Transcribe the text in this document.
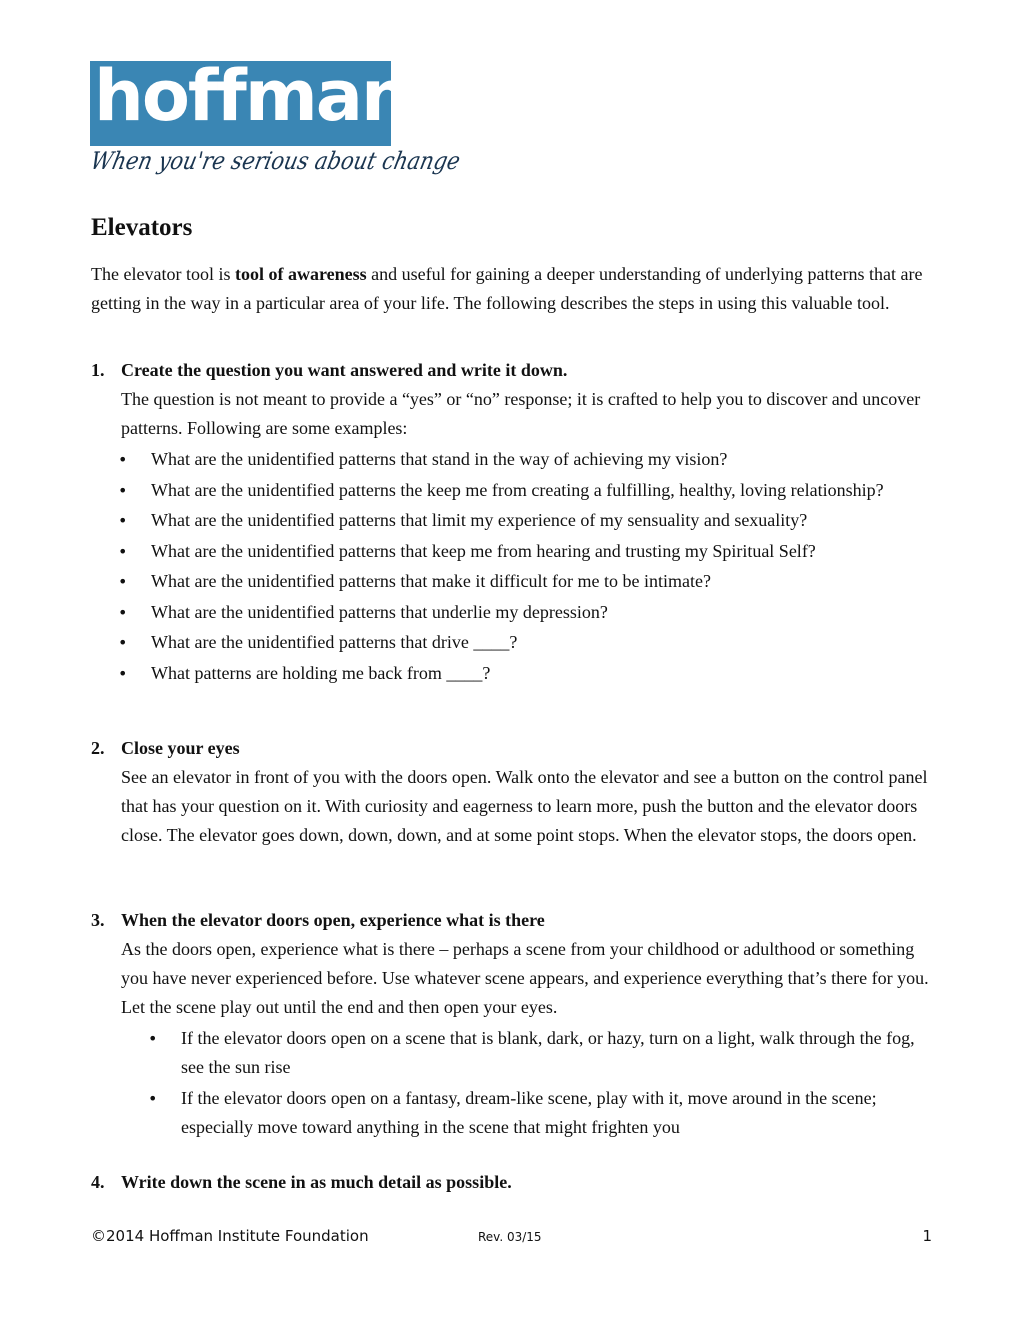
hoffman
When you're serious about change
Elevators

The elevator tool is tool of awareness and useful for gaining a deeper understanding of underlying patterns that are getting in the way in a particular area of your life. The following describes the steps in using this valuable tool.

1. Create the question you want answered and write it down.
The question is not meant to provide a “yes” or “no” response; it is crafted to help you to discover and uncover patterns. Following are some examples:
• What are the unidentified patterns that stand in the way of achieving my vision?
• What are the unidentified patterns the keep me from creating a fulfilling, healthy, loving relationship?
• What are the unidentified patterns that limit my experience of my sensuality and sexuality?
• What are the unidentified patterns that keep me from hearing and trusting my Spiritual Self?
• What are the unidentified patterns that make it difficult for me to be intimate?
• What are the unidentified patterns that underlie my depression?
• What are the unidentified patterns that drive ____?
• What patterns are holding me back from ____?
2. Close your eyes
See an elevator in front of you with the doors open. Walk onto the elevator and see a button on the control panel that has your question on it. With curiosity and eagerness to learn more, push the button and the elevator doors close. The elevator goes down, down, down, and at some point stops. When the elevator stops, the doors open.
3. When the elevator doors open, experience what is there
As the doors open, experience what is there – perhaps a scene from your childhood or adulthood or something you have never experienced before. Use whatever scene appears, and experience everything that’s there for you. Let the scene play out until the end and then open your eyes.
• If the elevator doors open on a scene that is blank, dark, or hazy, turn on a light, walk through the fog, see the sun rise
• If the elevator doors open on a fantasy, dream-like scene, play with it, move around in the scene; especially move toward anything in the scene that might frighten you
4. Write down the scene in as much detail as possible.
©2014 Hoffman Institute Foundation	Rev. 03/15	1
